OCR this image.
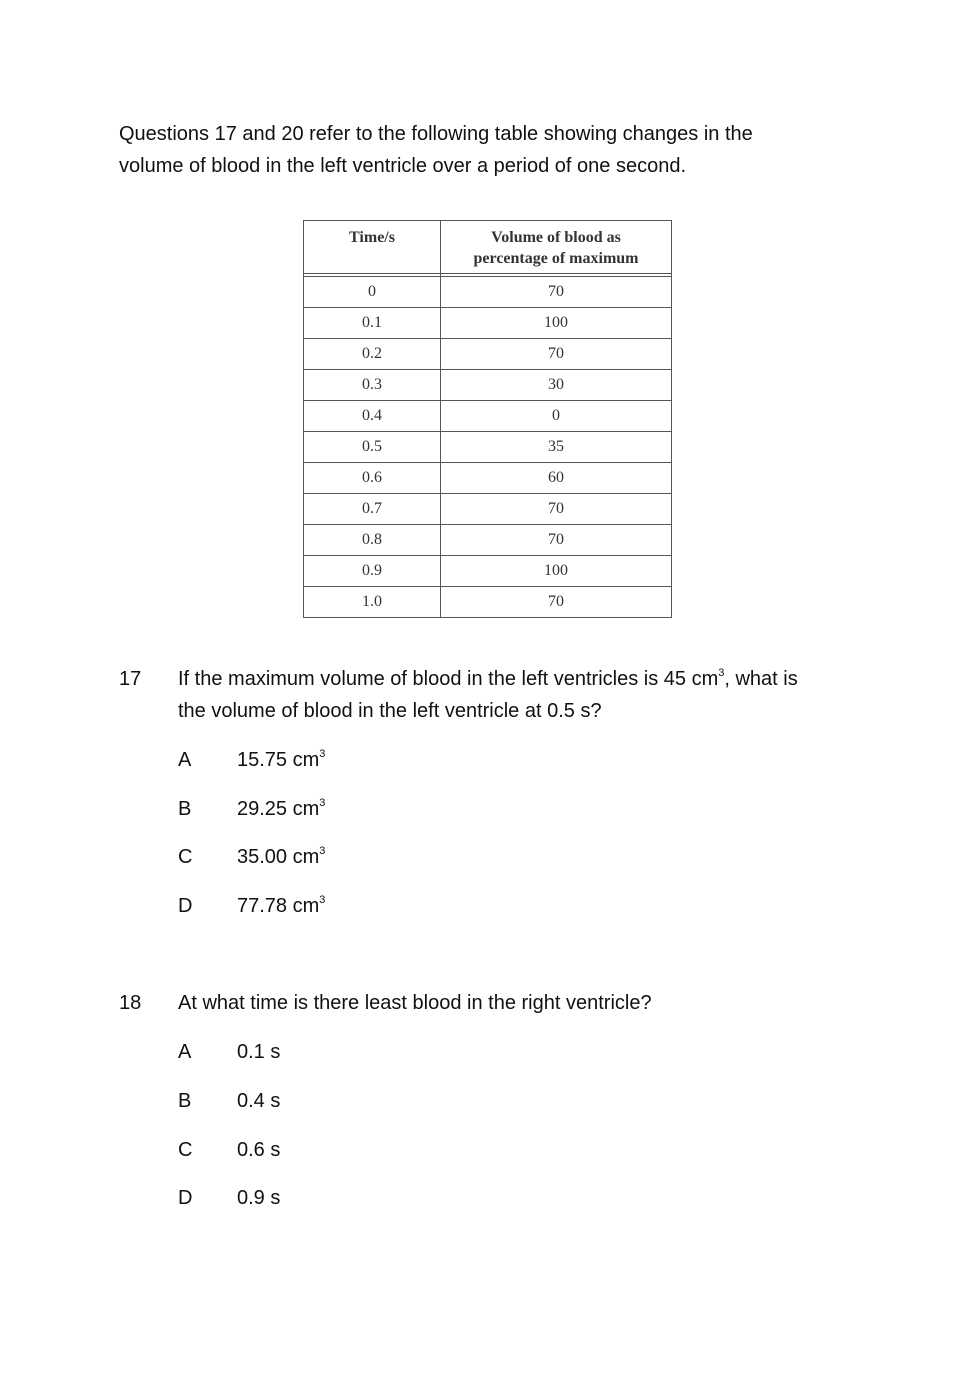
Questions 17 and 20 refer to the following table showing changes in the
volume of blood in the left ventricle over a period of one second.

Time/s	Volume of blood as
percentage of maximum

0	70
0.1	100
0.2	70
0.3	30
0.4	0
0.5	35
0.6	60
0.7	70
0.8	70
0.9	100
1.0	70
17 If the maximum volume of blood in the left ventricles is 45 $cm^3$, what is
the volume of blood in the left ventricle at 0.5 s?
A 15.75 $cm^3$
B 29.25 $cm^3$
C 35.00 $cm^3$
D 77.78 $cm^3$
18 At what time is there least blood in the right ventricle?
A 0.1 s
B 0.4 s
C 0.6 s
D 0.9 s
